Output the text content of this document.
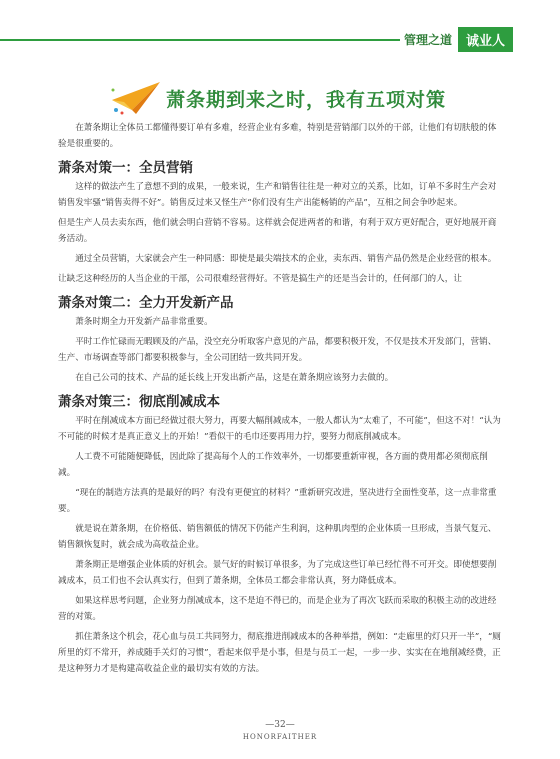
管理之道	诚业人
萧条期到来之时，我有五项对策

在萧条期让全体员工都懂得要订单有多难，经营企业有多难，特别是营销部门以外的干部，让他们有切肤般的体验是很重要的。

萧条对策一：全员营销

这样的做法产生了意想不到的成果，一般来说，生产和销售往往是一种对立的关系，比如，订单不多时生产会对销售发牢骚“销售卖得不好”。销售反过来又怪生产“你们没有生产出能畅销的产品”，互相之间会争吵起来。

但是生产人员去卖东西，他们就会明白营销不容易。这样就会促进两者的和谐，有利于双方更好配合，更好地展开商务活动。

通过全员营销，大家就会产生一种同感：即使是最尖端技术的企业，卖东西、销售产品仍然是企业经营的根本。

让缺乏这种经历的人当企业的干部，公司很难经营得好。不管是搞生产的还是当会计的，任何部门的人，让

萧条对策二：全力开发新产品

萧条时期全力开发新产品非常重要。

平时工作忙碌而无暇顾及的产品，没空充分听取客户意见的产品，都要积极开发，不仅是技术开发部门，营销、生产、市场调查等部门都要积极参与，全公司团结一致共同开发。

在自己公司的技术、产品的延长线上开发出新产品，这是在萧条期应该努力去做的。

萧条对策三：彻底削减成本

平时在削减成本方面已经做过很大努力，再要大幅削减成本，一般人都认为“太难了，不可能”，但这不对！“认为不可能的时候才是真正意义上的开始！”看似干的毛巾还要再用力拧，要努力彻底削减成本。

人工费不可能随便降低，因此除了提高每个人的工作效率外，一切都要重新审视，各方面的费用都必须彻底削减。

“现在的制造方法真的是最好的吗？有没有更便宜的材料？”重新研究改进，坚决进行全面性变革，这一点非常重要。

就是说在萧条期，在价格低、销售额低的情况下仍能产生利润，这种肌肉型的企业体质一旦形成，当景气复元、销售额恢复时，就会成为高收益企业。

萧条期正是增强企业体质的好机会。景气好的时候订单很多，为了完成这些订单已经忙得不可开交。即使想要削减成本，员工们也不会认真实行，但到了萧条期，全体员工都会非常认真，努力降低成本。

如果这样思考问题，企业努力削减成本，这不是迫不得已的，而是企业为了再次飞跃而采取的积极主动的改进经营的对策。

抓住萧条这个机会，花心血与员工共同努力，彻底推进削减成本的各种举措，例如：“走廊里的灯只开一半”，“厕所里的灯不常开，养成随手关灯的习惯”，看起来似乎是小事，但是与员工一起，一步一步、实实在在地削减经费，正是这种努力才是构建高收益企业的最切实有效的方法。

—32—
HONORFAITHER
